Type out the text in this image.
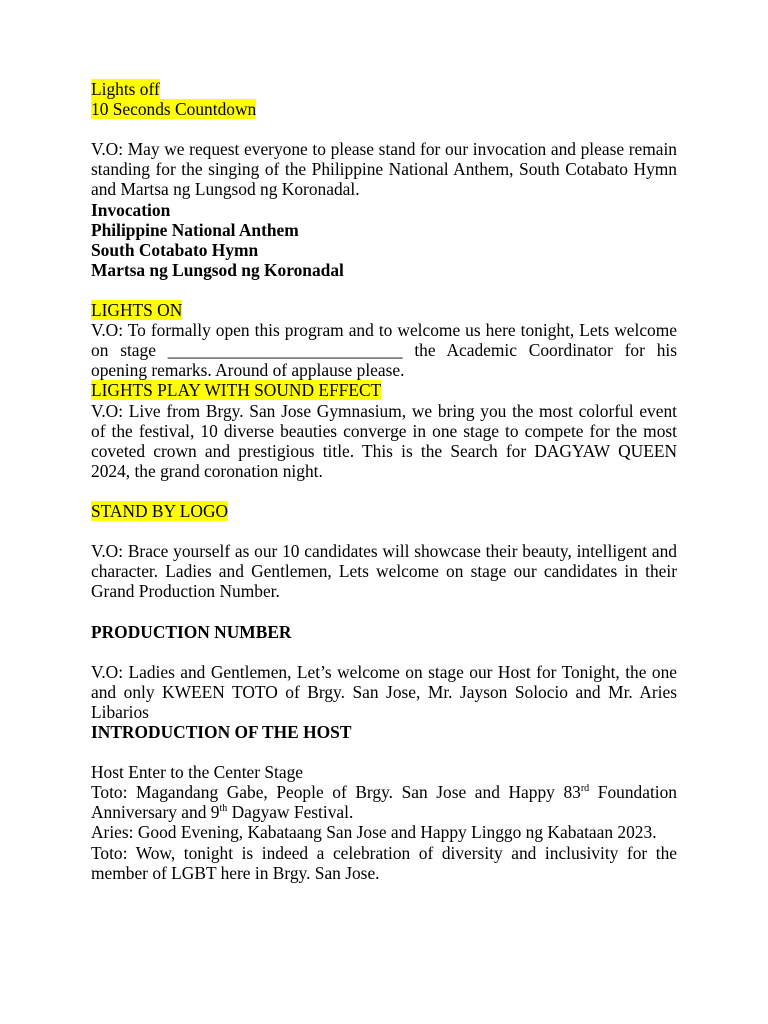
Lights off

10 Seconds Countdown

V.O: May we request everyone to please stand for our invocation and please remain standing for the singing of the Philippine National Anthem, South Cotabato Hymn and Martsa ng Lungsod ng Koronadal.

Invocation

Philippine National Anthem

South Cotabato Hymn

Martsa ng Lungsod ng Koronadal

LIGHTS ON

V.O: To formally open this program and to welcome us here tonight, Lets welcome on stage ___________________________ the Academic Coordinator for his opening remarks. Around of applause please.

LIGHTS PLAY WITH SOUND EFFECT

V.O: Live from Brgy. San Jose Gymnasium, we bring you the most colorful event of the festival, 10 diverse beauties converge in one stage to compete for the most coveted crown and prestigious title. This is the Search for DAGYAW QUEEN 2024, the grand coronation night.

STAND BY LOGO

V.O: Brace yourself as our 10 candidates will showcase their beauty, intelligent and character. Ladies and Gentlemen, Lets welcome on stage our candidates in their Grand Production Number.

PRODUCTION NUMBER

V.O: Ladies and Gentlemen, Let’s welcome on stage our Host for Tonight, the one and only KWEEN TOTO of Brgy. San Jose, Mr. Jayson Solocio and Mr. Aries Libarios

INTRODUCTION OF THE HOST

Host Enter to the Center Stage

Toto: Magandang Gabe, People of Brgy. San Jose and Happy 83rd Foundation Anniversary and 9th Dagyaw Festival.

Aries: Good Evening, Kabataang San Jose and Happy Linggo ng Kabataan 2023.

Toto: Wow, tonight is indeed a celebration of diversity and inclusivity for the member of LGBT here in Brgy. San Jose.
